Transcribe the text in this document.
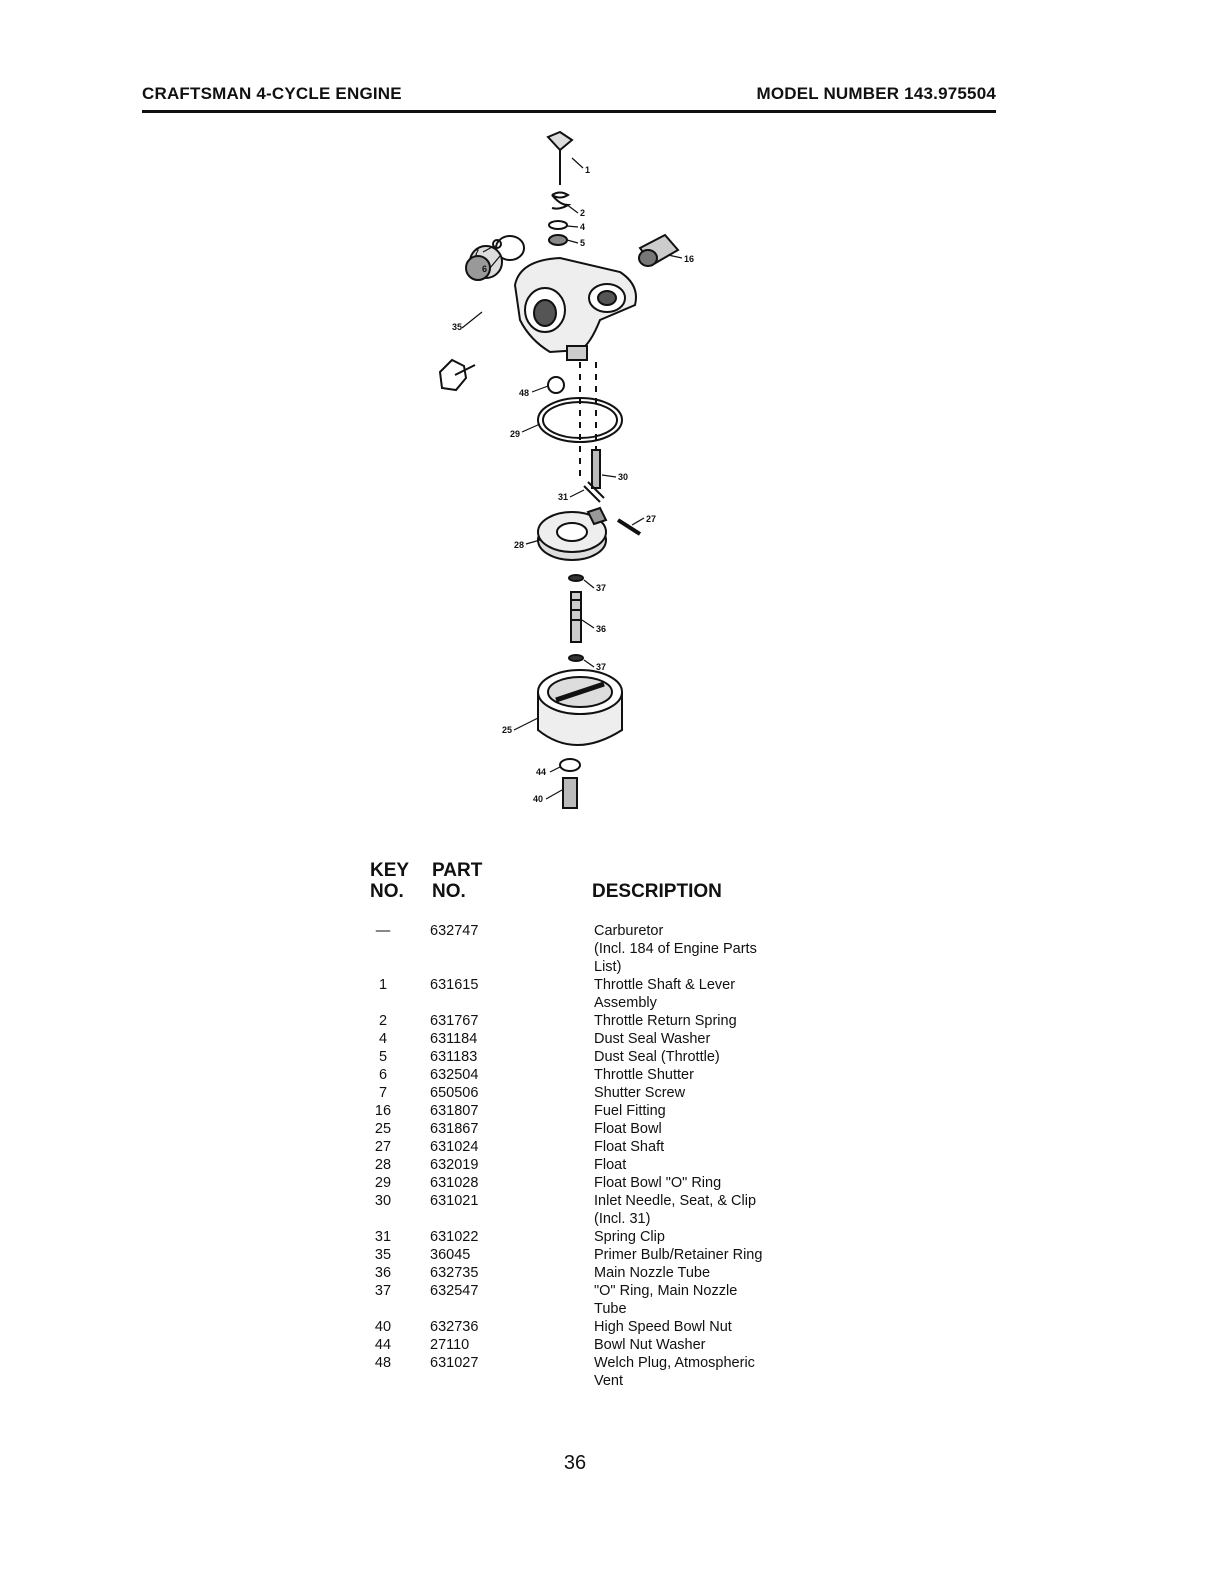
CRAFTSMAN 4-CYCLE ENGINE	MODEL NUMBER 143.975504
1
2
4
5
7
6
16
35
48
29
30
31
27
28
37
36
37
25
44
40
KEY
NO.
PART
NO.	DESCRIPTION
—	632747	Carburetor
(Incl. 184 of Engine Parts
List)
1	631615	Throttle Shaft & Lever
Assembly
2	631767	Throttle Return Spring
4	631184	Dust Seal Washer
5	631183	Dust Seal (Throttle)
6	632504	Throttle Shutter
7	650506	Shutter Screw
16	631807	Fuel Fitting
25	631867	Float Bowl
27	631024	Float Shaft
28	632019	Float
29	631028	Float Bowl "O" Ring
30	631021	Inlet Needle, Seat, & Clip
(Incl. 31)
31	631022	Spring Clip
35	36045	Primer Bulb/Retainer Ring
36	632735	Main Nozzle Tube
37	632547	"O" Ring, Main Nozzle
Tube
40	632736	High Speed Bowl Nut
44	27110	Bowl Nut Washer
48	631027	Welch Plug, Atmospheric
Vent
36
